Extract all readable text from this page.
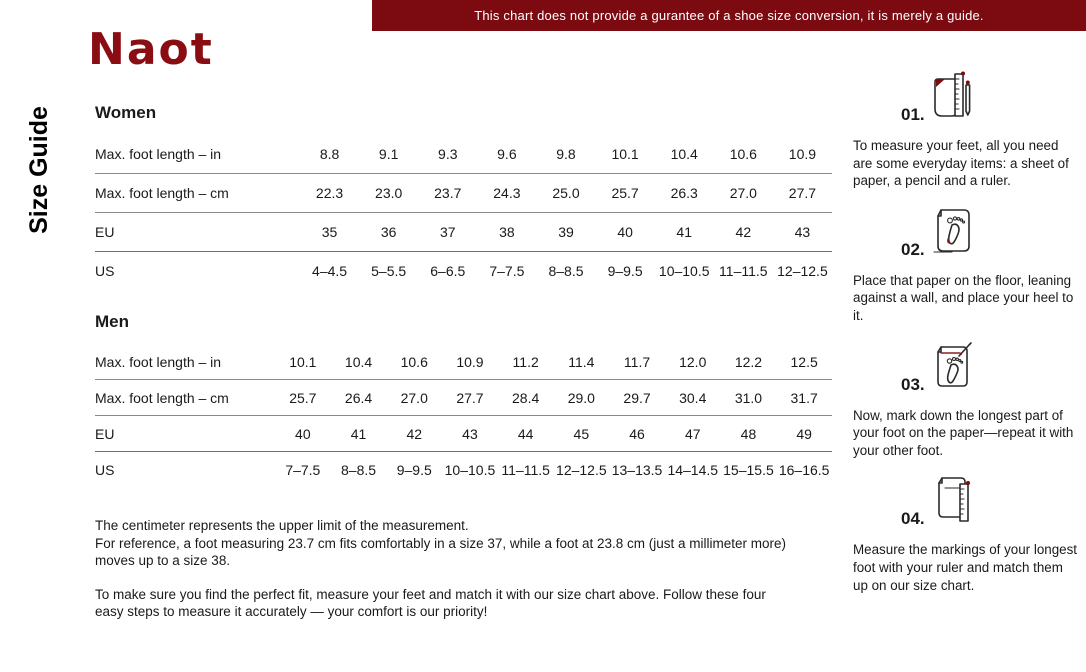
This chart does not provide a gurantee of a shoe size conversion, it is merely a guide.
Naot
Size Guide Women
Max. foot length – in	8.8	9.1	9.3	9.6	9.8	10.1	10.4	10.6	10.9
Max. foot length – cm	22.3	23.0	23.7	24.3	25.0	25.7	26.3	27.0	27.7
EU	35	36	37	38	39	40	41	42	43
US	4–4.5	5–5.5	6–6.5	7–7.5	8–8.5	9–9.5	10–10.5 11–11.5 12–12.5
Men
Max. foot length – in	10.1	10.4	10.6	10.9	11.2	11.4	11.7	12.0	12.2	12.5
Max. foot length – cm	25.7	26.4	27.0	27.7	28.4	29.0	29.7	30.4	31.0	31.7
EU	40	41	42	43	44	45	46	47	48	49
US	7–7.5	8–8.5	9–9.5 10–10.5 11–11.5 12–12.5 13–13.5 14–14.5 15–15.5 16–16.5
The centimeter represents the upper limit of the measurement.
For reference, a foot measuring 23.7 cm fits comfortably in a size 37, while a foot at 23.8 cm (just a millimeter more) moves up to a size 38.
To make sure you find the perfect fit, measure your feet and match it with our size chart above. Follow these four easy steps to measure it accurately — your comfort is our priority!
01.

To measure your feet, all you need are some everyday items: a sheet of paper, a pencil and a ruler.

02.

Place that paper on the floor, leaning against a wall, and place your heel to it.

03.

Now, mark down the longest part of your foot on the paper—repeat it with your other foot.

04.

Measure the markings of your longest foot with your ruler and match them up on our size chart.
